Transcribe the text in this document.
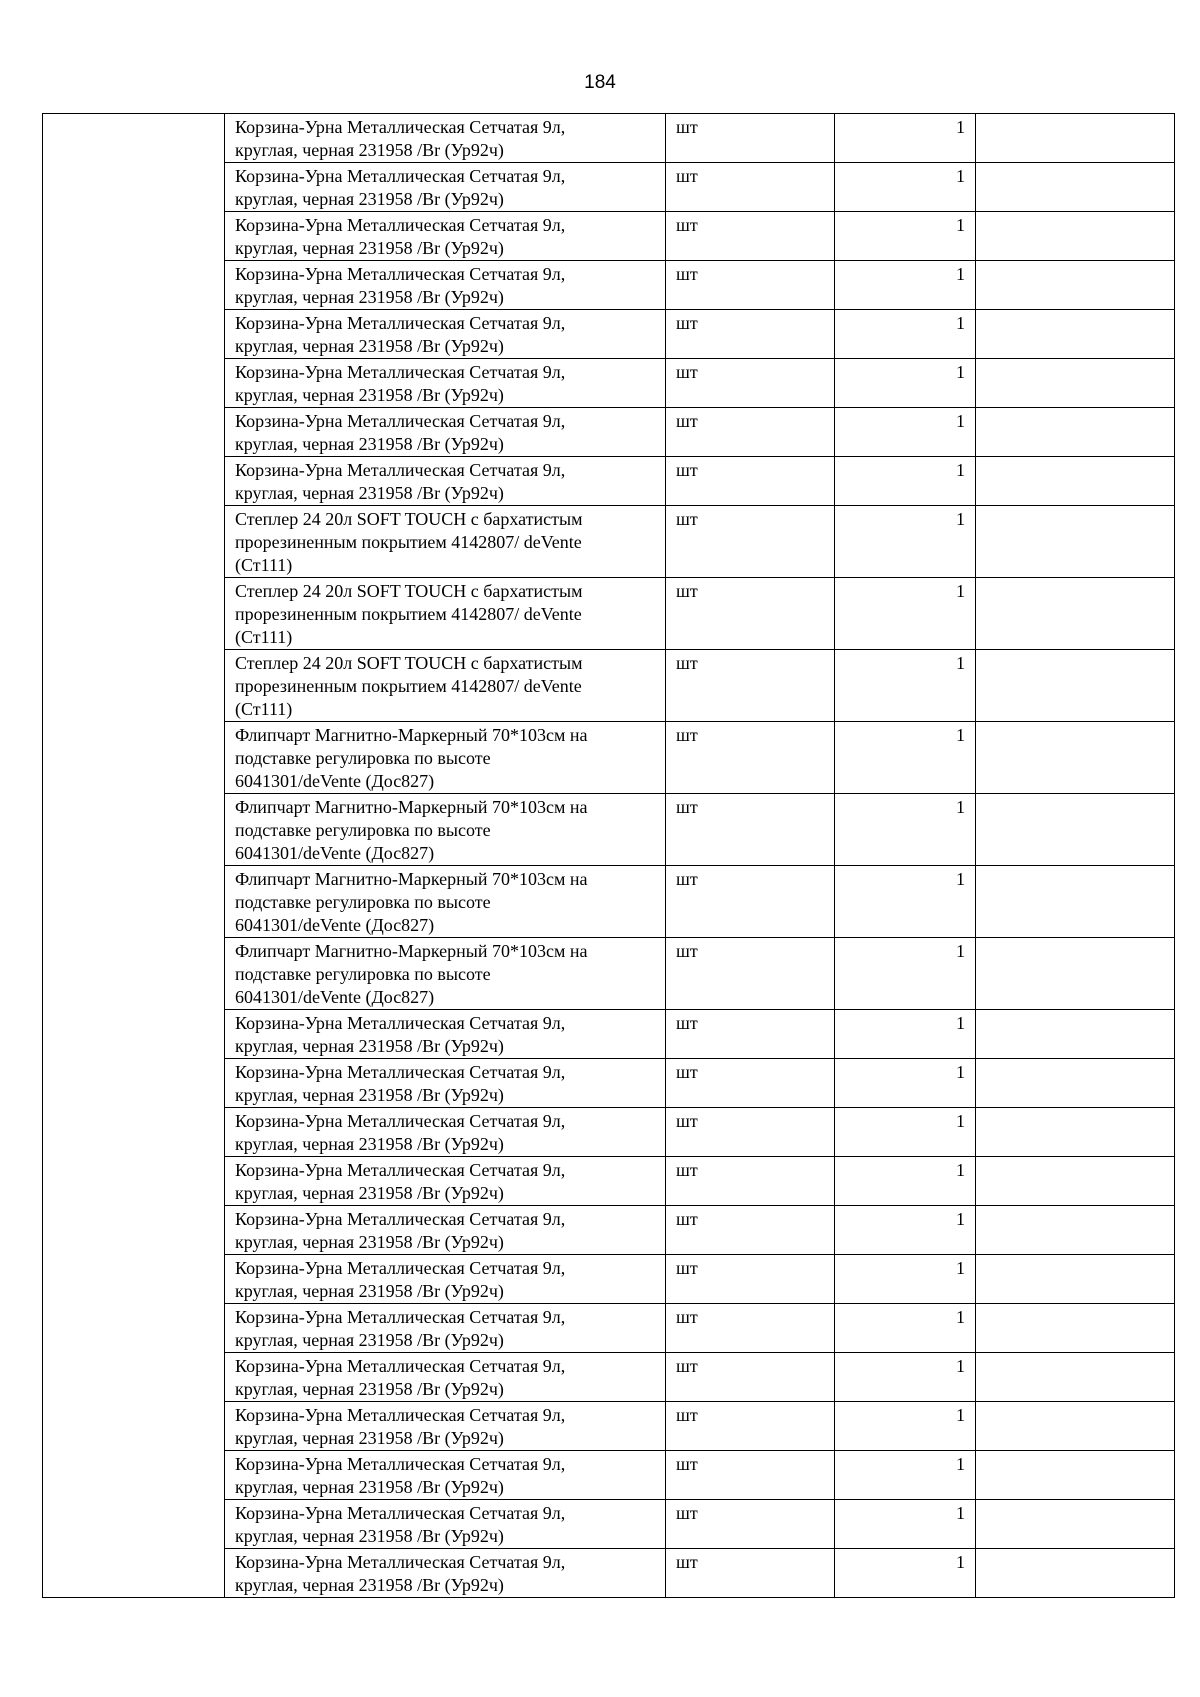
184
	Корзина-Урна Металлическая Сетчатая 9л,
круглая, черная 231958 /Br (Ур92ч)	шт	1	
	Корзина-Урна Металлическая Сетчатая 9л,
круглая, черная 231958 /Br (Ур92ч)	шт	1	
	Корзина-Урна Металлическая Сетчатая 9л,
круглая, черная 231958 /Br (Ур92ч)	шт	1	
	Корзина-Урна Металлическая Сетчатая 9л,
круглая, черная 231958 /Br (Ур92ч)	шт	1	
	Корзина-Урна Металлическая Сетчатая 9л,
круглая, черная 231958 /Br (Ур92ч)	шт	1	
	Корзина-Урна Металлическая Сетчатая 9л,
круглая, черная 231958 /Br (Ур92ч)	шт	1	
	Корзина-Урна Металлическая Сетчатая 9л,
круглая, черная 231958 /Br (Ур92ч)	шт	1	
	Корзина-Урна Металлическая Сетчатая 9л,
круглая, черная 231958 /Br (Ур92ч)	шт	1	
	Степлер 24 20л SOFT TOUCH с бархатистым
прорезиненным покрытием 4142807/ deVente
(Ст111)	шт	1	
	Степлер 24 20л SOFT TOUCH с бархатистым
прорезиненным покрытием 4142807/ deVente
(Ст111)	шт	1	
	Степлер 24 20л SOFT TOUCH с бархатистым
прорезиненным покрытием 4142807/ deVente
(Ст111)	шт	1	
	Флипчарт Магнитно-Маркерный 70*103см на
подставке регулировка по высоте
6041301/deVente (Дос827)	шт	1	
	Флипчарт Магнитно-Маркерный 70*103см на
подставке регулировка по высоте
6041301/deVente (Дос827)	шт	1	
	Флипчарт Магнитно-Маркерный 70*103см на
подставке регулировка по высоте
6041301/deVente (Дос827)	шт	1	
	Флипчарт Магнитно-Маркерный 70*103см на
подставке регулировка по высоте
6041301/deVente (Дос827)	шт	1	
	Корзина-Урна Металлическая Сетчатая 9л,
круглая, черная 231958 /Br (Ур92ч)	шт	1	
	Корзина-Урна Металлическая Сетчатая 9л,
круглая, черная 231958 /Br (Ур92ч)	шт	1	
	Корзина-Урна Металлическая Сетчатая 9л,
круглая, черная 231958 /Br (Ур92ч)	шт	1	
	Корзина-Урна Металлическая Сетчатая 9л,
круглая, черная 231958 /Br (Ур92ч)	шт	1	
	Корзина-Урна Металлическая Сетчатая 9л,
круглая, черная 231958 /Br (Ур92ч)	шт	1	
	Корзина-Урна Металлическая Сетчатая 9л,
круглая, черная 231958 /Br (Ур92ч)	шт	1	
	Корзина-Урна Металлическая Сетчатая 9л,
круглая, черная 231958 /Br (Ур92ч)	шт	1	
	Корзина-Урна Металлическая Сетчатая 9л,
круглая, черная 231958 /Br (Ур92ч)	шт	1	
	Корзина-Урна Металлическая Сетчатая 9л,
круглая, черная 231958 /Br (Ур92ч)	шт	1	
	Корзина-Урна Металлическая Сетчатая 9л,
круглая, черная 231958 /Br (Ур92ч)	шт	1	
	Корзина-Урна Металлическая Сетчатая 9л,
круглая, черная 231958 /Br (Ур92ч)	шт	1	
	Корзина-Урна Металлическая Сетчатая 9л,
круглая, черная 231958 /Br (Ур92ч)	шт	1	
